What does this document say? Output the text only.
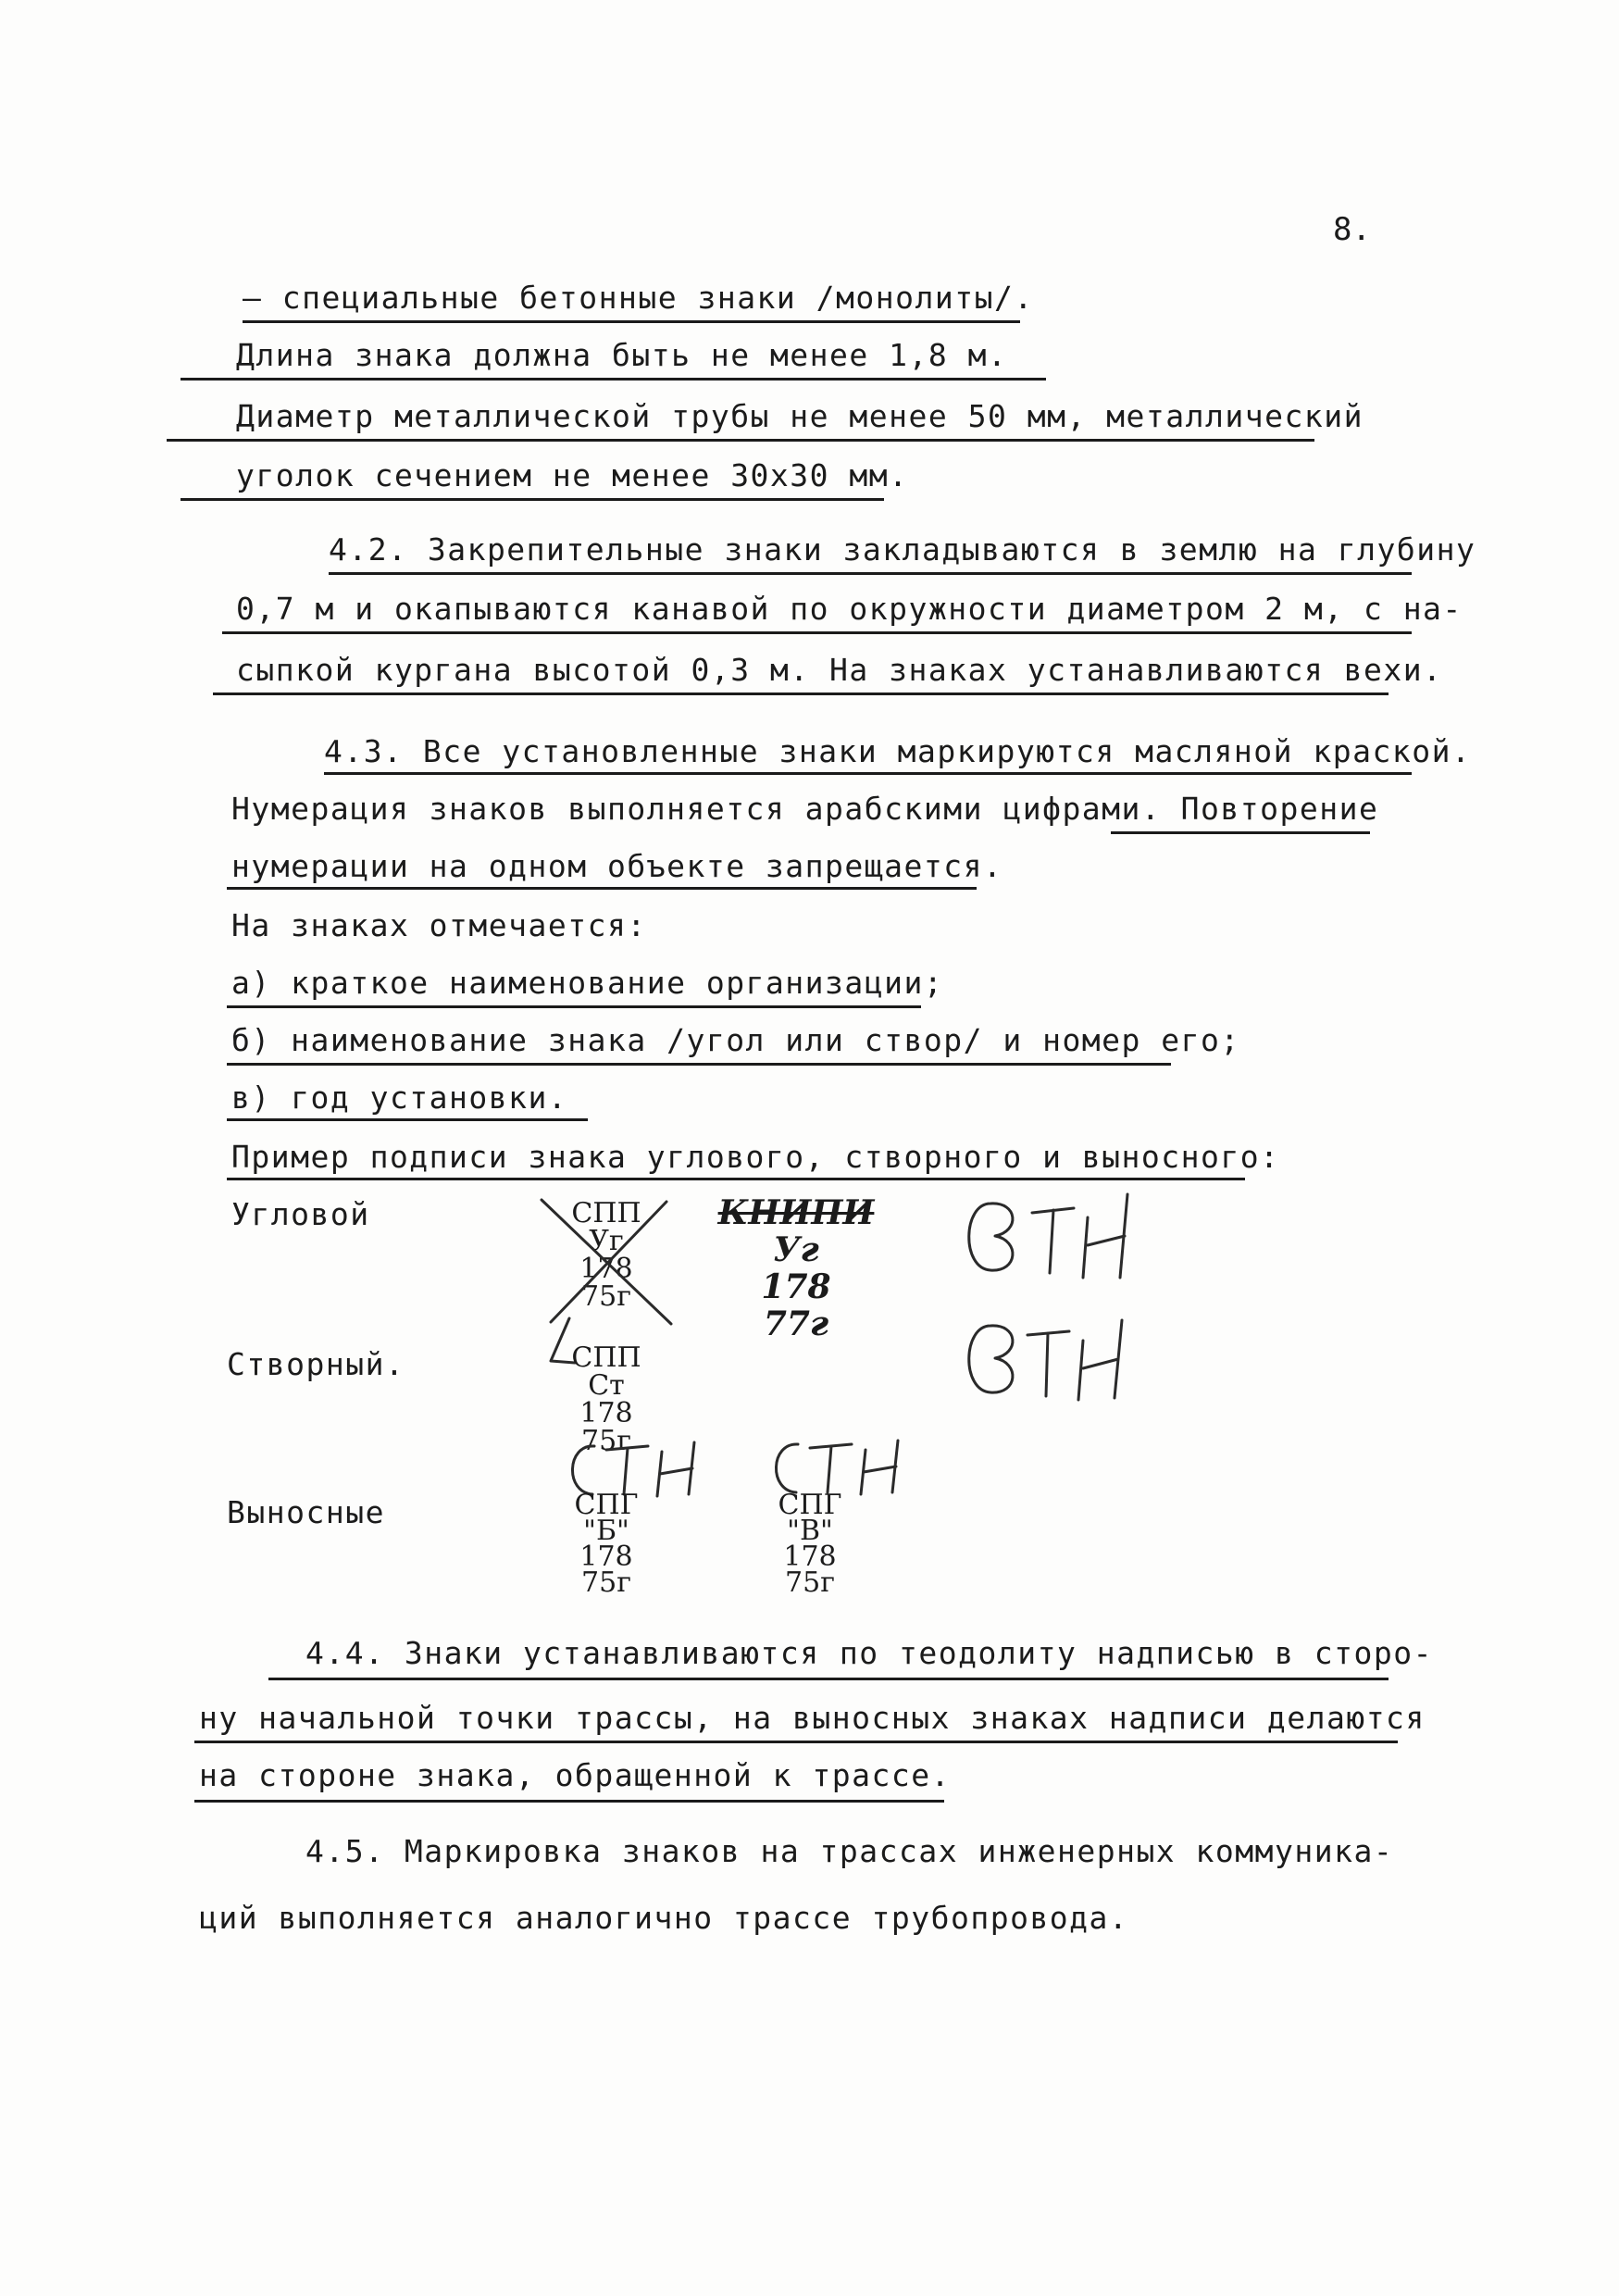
8.
– специальные бетонные знаки /монолиты/.
Длина знака должна быть не менее 1,8 м.
Диаметр металлической трубы не менее 50 мм, металлический
уголок сечением не менее 30х30 мм.
4.2. Закрепительные знаки закладываются в землю на глубину
0,7 м и окапываются канавой по окружности диаметром 2 м, с на-
сыпкой кургана высотой 0,3 м. На знаках устанавливаются вехи.
4.3. Все установленные знаки маркируются масляной краской.
Нумерация знаков выполняется арабскими цифрами. Повторение
нумерации на одном объекте запрещается.
На знаках отмечается:
а) краткое наименование организации;
б) наименование знака /угол или створ/ и номер его;
в) год установки.
Пример подписи знака углового, створного и выносного:
Угловой
Створный.
Выносные
СПП
Уг
178
75г
КНИПИ
Уг
178
77г
СПП
Ст
178
75г
СПГ
"Б"
178
75г
СПГ
"В"
178
75г
4.4. Знаки устанавливаются по теодолиту надписью в сторо-
ну начальной точки трассы, на выносных знаках надписи делаются
на стороне знака, обращенной к трассе.
4.5. Маркировка знаков на трассах инженерных коммуника-
ций выполняется аналогично трассе трубопровода.
